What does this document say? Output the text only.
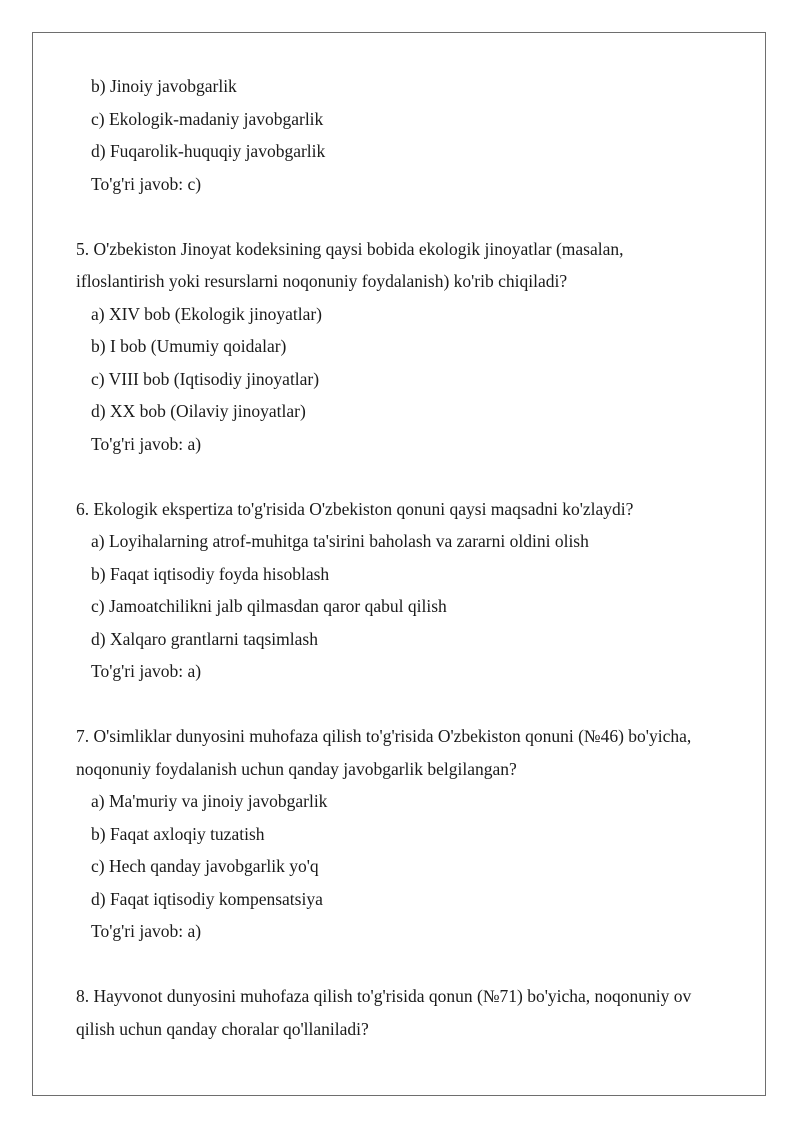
b) Jinoiy javobgarlik
c) Ekologik-madaniy javobgarlik
d) Fuqarolik-huquqiy javobgarlik
To'g'ri javob: c)
5. O'zbekiston Jinoyat kodeksining qaysi bobida ekologik jinoyatlar (masalan,
ifloslantirish yoki resurslarni noqonuniy foydalanish) ko'rib chiqiladi?
a) XIV bob (Ekologik jinoyatlar)
b) I bob (Umumiy qoidalar)
c) VIII bob (Iqtisodiy jinoyatlar)
d) XX bob (Oilaviy jinoyatlar)
To'g'ri javob: a)
6. Ekologik ekspertiza to'g'risida O'zbekiston qonuni qaysi maqsadni ko'zlaydi?
a) Loyihalarning atrof-muhitga ta'sirini baholash va zararni oldini olish
b) Faqat iqtisodiy foyda hisoblash
c) Jamoatchilikni jalb qilmasdan qaror qabul qilish
d) Xalqaro grantlarni taqsimlash
To'g'ri javob: a)
7. O'simliklar dunyosini muhofaza qilish to'g'risida O'zbekiston qonuni (№46) bo'yicha,
noqonuniy foydalanish uchun qanday javobgarlik belgilangan?
a) Ma'muriy va jinoiy javobgarlik
b) Faqat axloqiy tuzatish
c) Hech qanday javobgarlik yo'q
d) Faqat iqtisodiy kompensatsiya
To'g'ri javob: a)
8. Hayvonot dunyosini muhofaza qilish to'g'risida qonun (№71) bo'yicha, noqonuniy ov
qilish uchun qanday choralar qo'llaniladi?
